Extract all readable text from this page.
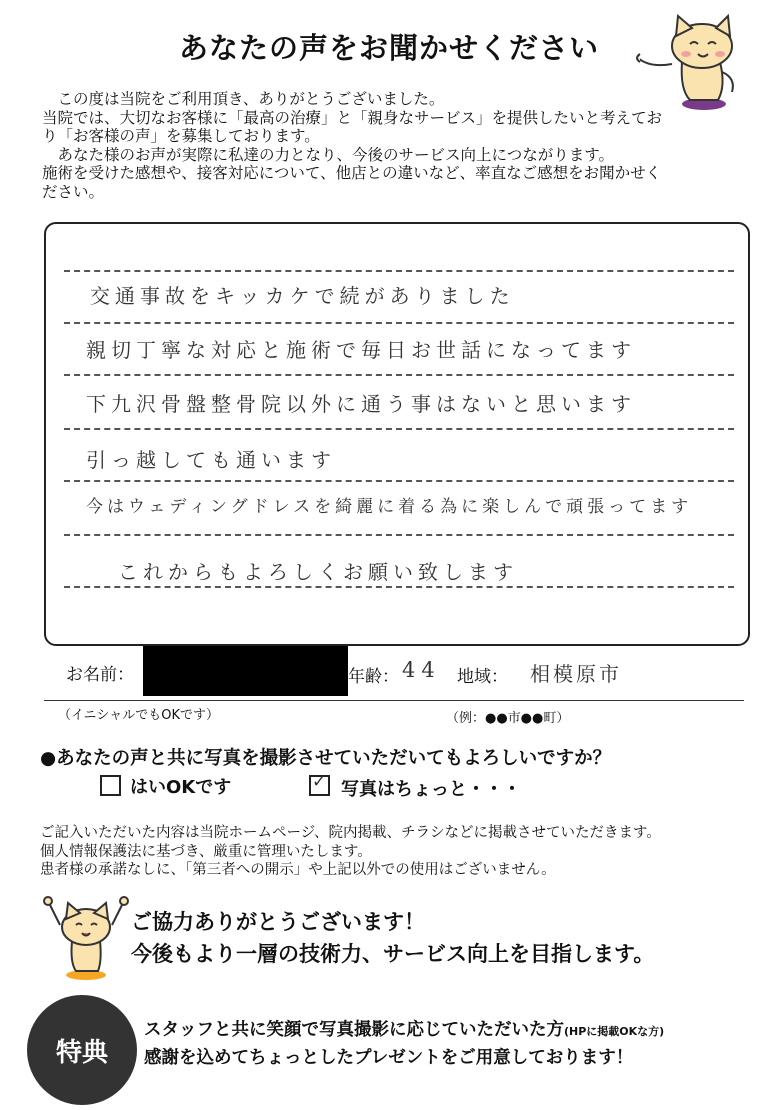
あなたの声をお聞かせください

　この度は当院をご利用頂き、ありがとうございました。

当院では、大切なお客様に「最高の治療」と「親身なサービス」を提供したいと考えてお

り「お客様の声」を募集しております。

　あなた様のお声が実際に私達の力となり、今後のサービス向上につながります。

施術を受けた感想や、接客対応について、他店との違いなど、率直なご感想をお聞かせく

ださい。

交通事故をキッカケで続がありました
親切丁寧な対応と施術で毎日お世話になってます
下九沢骨盤整骨院以外に通う事はないと思います
引っ越しても通います
今はウェディングドレスを綺麗に着る為に楽しんで頑張ってます
これからもよろしくお願い致します
お名前：	年齢： 44 地域： 相模原市
（イニシャルでもOKです）	（例：●●市●●町）
●あなたの声と共に写真を撮影させていただいてもよろしいですか？
はいOKです	✓ 写真はちょっと・・・

ご記入いただいた内容は当院ホームページ、院内掲載、チラシなどに掲載させていただきます。

個人情報保護法に基づき、厳重に管理いたします。

患者様の承諾なしに、「第三者への開示」や上記以外での使用はございません。

ご協力ありがとうございます！
今後もより一層の技術力、サービス向上を目指します。
特典
スタッフと共に笑顔で写真撮影に応じていただいた方(HPに掲載OKな方)
感謝を込めてちょっとしたプレゼントをご用意しております！
